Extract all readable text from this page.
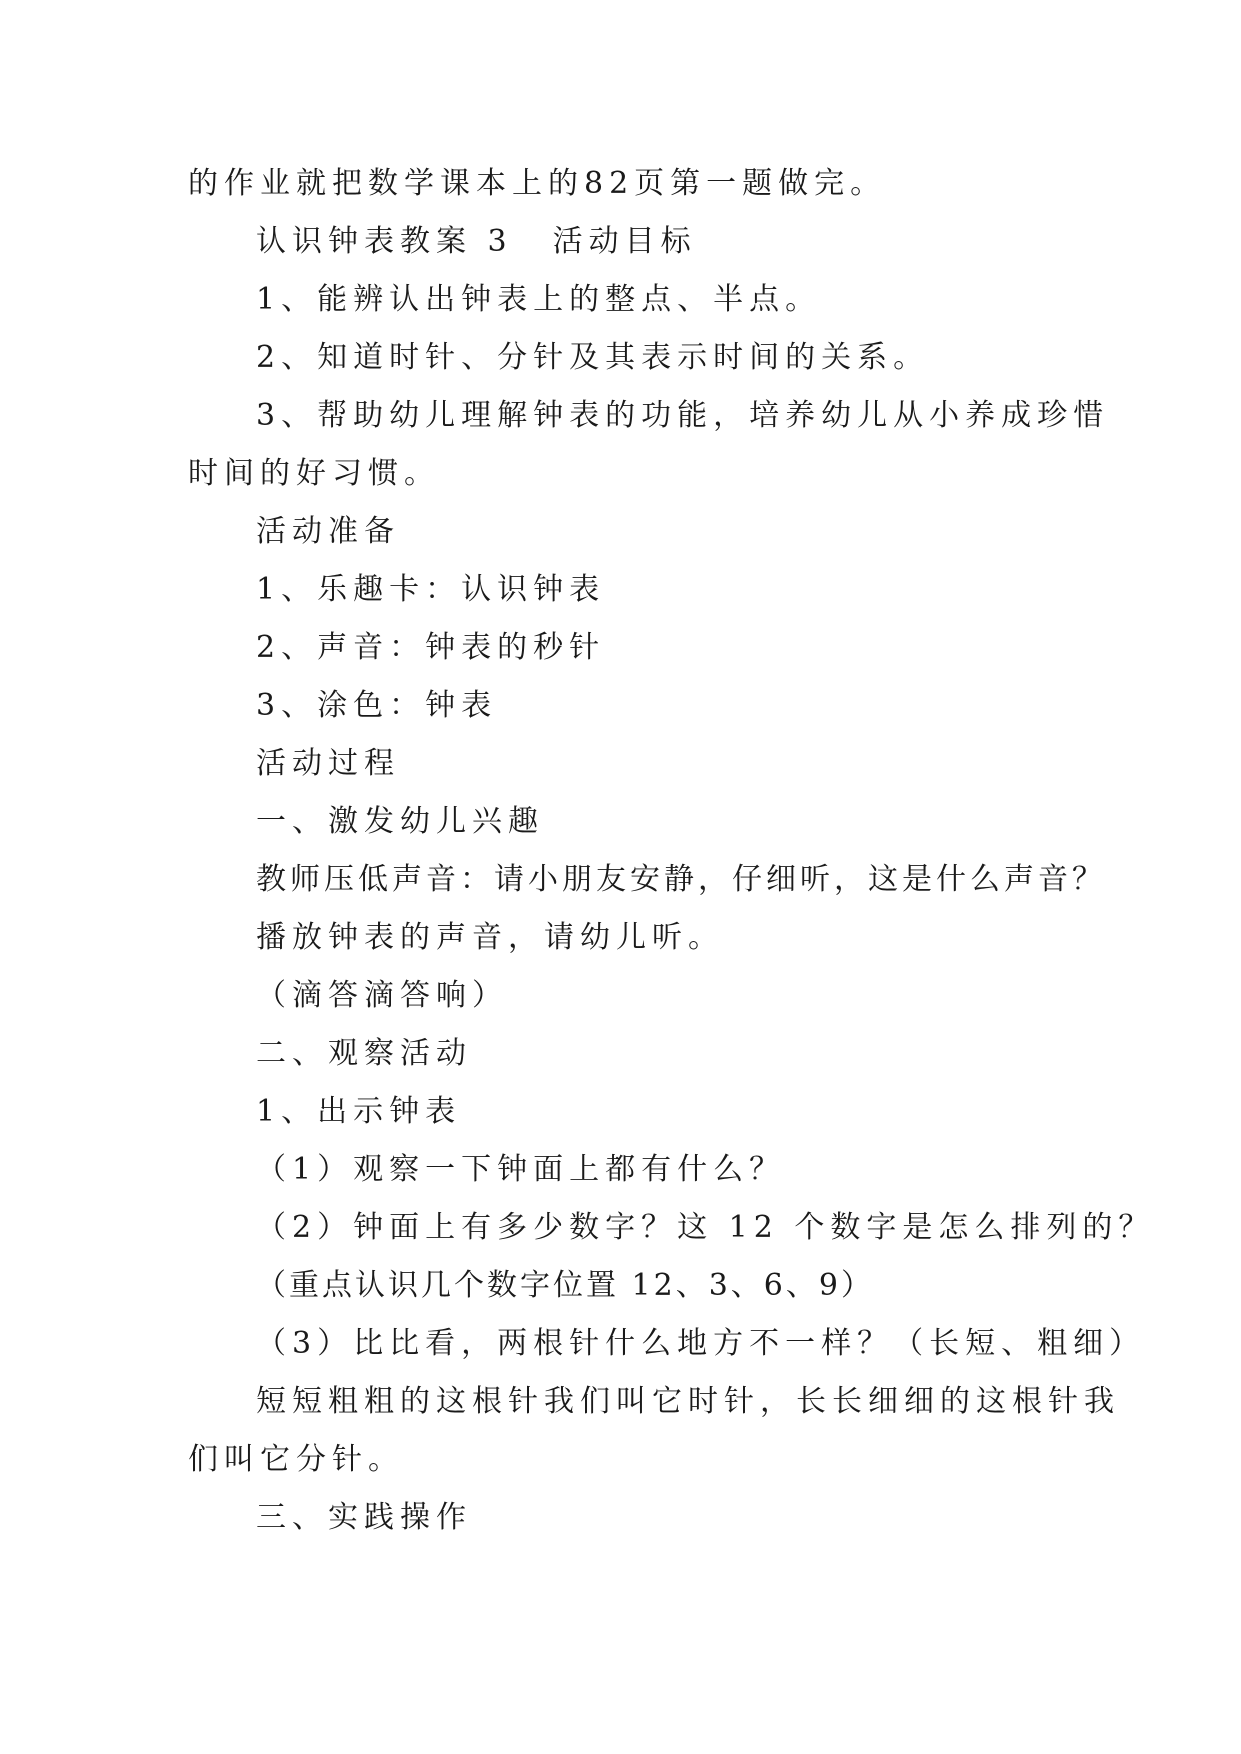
的作业就把数学课本上的82页第一题做完。
认识钟表教案 3 活动目标
1、能辨认出钟表上的整点、半点。
2、知道时针、分针及其表示时间的关系。
3、帮助幼儿理解钟表的功能，培养幼儿从小养成珍惜
时间的好习惯。
活动准备
1、乐趣卡：认识钟表
2、声音：钟表的秒针
3、涂色：钟表
活动过程
一、激发幼儿兴趣
教师压低声音：请小朋友安静，仔细听，这是什么声音？
播放钟表的声音，请幼儿听。
（滴答滴答响）
二、观察活动
1、出示钟表
（1）观察一下钟面上都有什么？
（2）钟面上有多少数字？这 12 个数字是怎么排列的？
（重点认识几个数字位置 12、3、6、9）
（3）比比看，两根针什么地方不一样？（长短、粗细）
短短粗粗的这根针我们叫它时针，长长细细的这根针我
们叫它分针。
三、实践操作
